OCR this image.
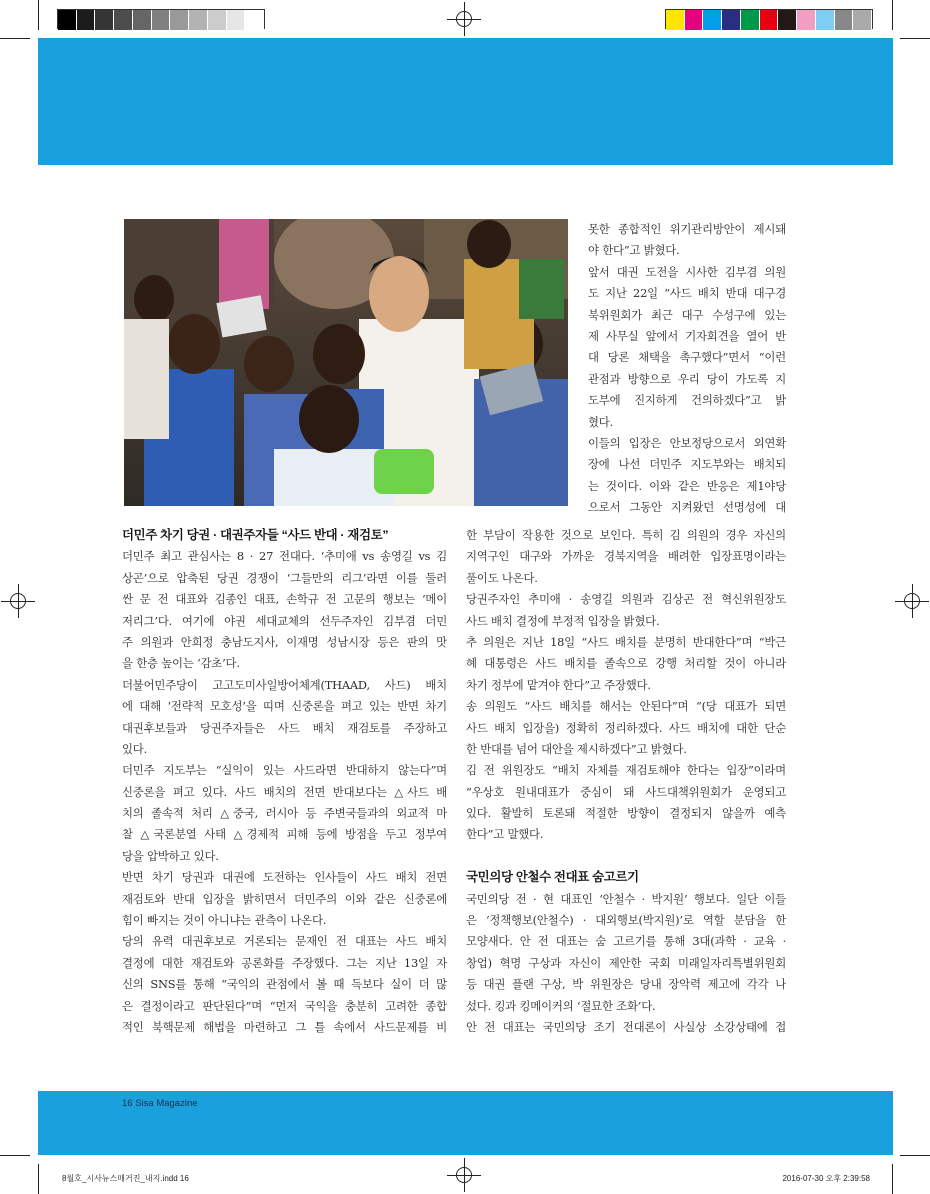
16 Sisa Magazine

못한 종합적인 위기관리방안이 제시돼

야 한다”고 밝혔다.

앞서 대권 도전을 시사한 김부겸 의원

도 지난 22일 “사드 배치 반대 대구경

북위원회가 최근 대구 수성구에 있는

제 사무실 앞에서 기자회견을 열어 반

대 당론 채택을 촉구했다”면서 “이런

관점과 방향으로 우리 당이 가도록 지

도부에 진지하게 건의하겠다”고 밝

혔다.

이들의 입장은 안보정당으로서 외연확

장에 나선 더민주 지도부와는 배치되

는 것이다. 이와 같은 반응은 제1야당

으로서 그동안 지켜왔던 선명성에 대

더민주 차기 당권 · 대권주자들 “사드 반대 · 재검토”

더민주 최고 관심사는 8 · 27 전대다. ‘추미애 vs 송영길 vs 김

상곤’으로 압축된 당권 경쟁이 ‘그들만의 리그’라면 이를 둘러

싼 문 전 대표와 김종인 대표, 손학규 전 고문의 행보는 ‘메이

저리그’다. 여기에 야권 세대교체의 선두주자인 김부겸 더민

주 의원과 안희정 충남도지사, 이재명 성남시장 등은 판의 맛

을 한층 높이는 ‘감초’다.

더불어민주당이 고고도미사일방어체계(THAAD, 사드) 배치

에 대해 ‘전략적 모호성’을 띠며 신중론을 펴고 있는 반면 차기

대권후보들과 당권주자들은 사드 배치 재검토를 주장하고

있다.

더민주 지도부는 “실익이 있는 사드라면 반대하지 않는다”며

신중론을 펴고 있다. 사드 배치의 전면 반대보다는 △사드 배

치의 졸속적 처리 △중국, 러시아 등 주변국들과의 외교적 마

찰 △국론분열 사태 △경제적 피해 등에 방점을 두고 정부여

당을 압박하고 있다.

반면 차기 당권과 대권에 도전하는 인사들이 사드 배치 전면

재검토와 반대 입장을 밝히면서 더민주의 이와 같은 신중론에

힘이 빠지는 것이 아니냐는 관측이 나온다.

당의 유력 대권후보로 거론되는 문재인 전 대표는 사드 배치

결정에 대한 재검토와 공론화를 주장했다. 그는 지난 13일 자

신의 SNS를 통해 “국익의 관점에서 볼 때 득보다 실이 더 많

은 결정이라고 판단된다”며 “먼저 국익을 충분히 고려한 종합

적인 북핵문제 해법을 마련하고 그 틀 속에서 사드문제를 비

한 부담이 작용한 것으로 보인다. 특히 김 의원의 경우 자신의

지역구인 대구와 가까운 경북지역을 배려한 입장표명이라는

풀이도 나온다.

당권주자인 추미애 · 송영길 의원과 김상곤 전 혁신위원장도

사드 배치 결정에 부정적 입장을 밝혔다.

추 의원은 지난 18일 “사드 배치를 분명히 반대한다”며 “박근

혜 대통령은 사드 배치를 졸속으로 강행 처리할 것이 아니라

차기 정부에 맡겨야 한다”고 주장했다.

송 의원도 “사드 배치를 해서는 안된다”며 “(당 대표가 되면

사드 배치 입장을) 정확히 정리하겠다. 사드 배치에 대한 단순

한 반대를 넘어 대안을 제시하겠다”고 밝혔다.

김 전 위원장도 “배치 자체를 재검토해야 한다는 입장”이라며

“우상호 원내대표가 중심이 돼 사드대책위원회가 운영되고

있다. 활발히 토론돼 적절한 방향이 결정되지 않을까 예측

한다”고 말했다.

국민의당 안철수 전대표 숨고르기

국민의당 전 · 현 대표인 ‘안철수 · 박지원’ 행보다. 일단 이들

은 ‘정책행보(안철수) · 대외행보(박지원)’로 역할 분담을 한

모양새다. 안 전 대표는 숨 고르기를 통해 3대(과학 · 교육 ·

창업) 혁명 구상과 자신이 제안한 국회 미래일자리특별위원회

등 대권 플랜 구상, 박 위원장은 당내 장악력 제고에 각각 나

섰다. 킹과 킹메이커의 ‘절묘한 조화’다.

안 전 대표는 국민의당 조기 전대론이 사실상 소강상태에 접

8월호_시사뉴스매거진_내지.indd 16	2016-07-30 오후 2:39:58
